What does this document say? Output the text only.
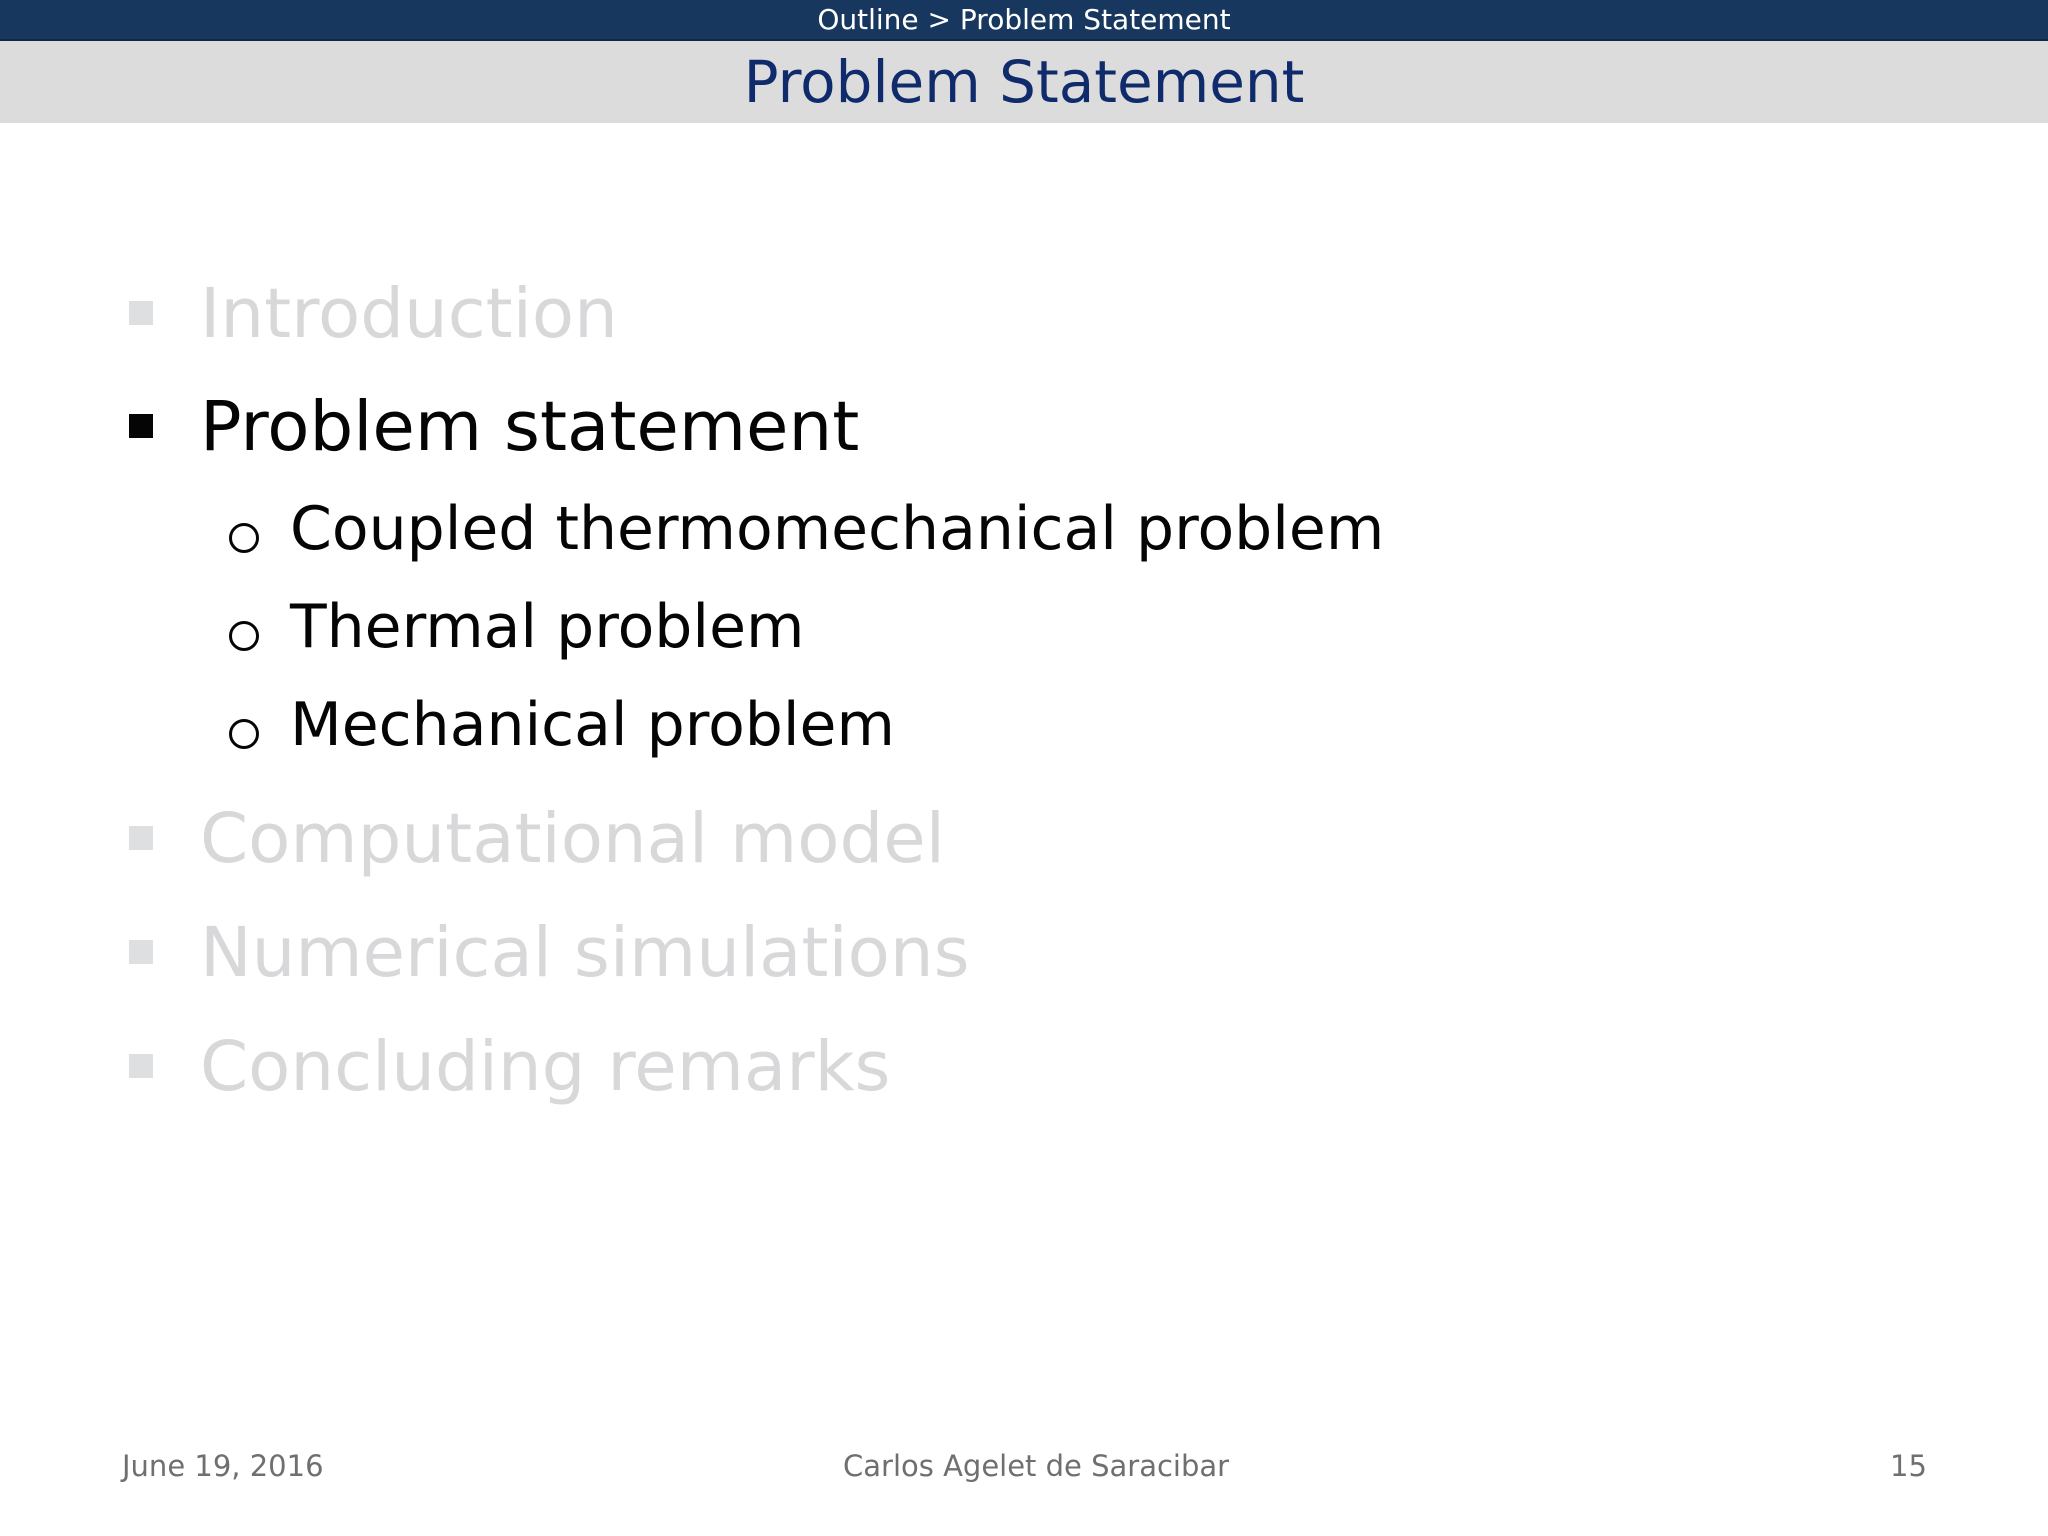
Outline > Problem Statement
Problem Statement
Introduction
Problem statement
Coupled thermomechanical problem
Thermal problem
Mechanical problem
Computational model
Numerical simulations
Concluding remarks
June 19, 2016	Carlos Agelet de Saracibar	15
